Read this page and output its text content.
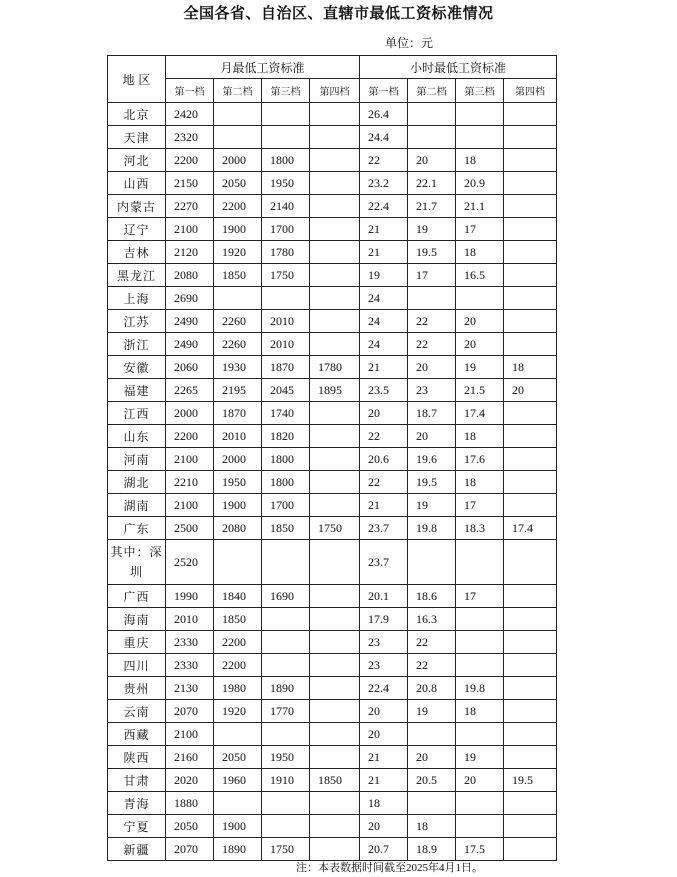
全国各省、自治区、直辖市最低工资标准情况
单位：元
地 区	月最低工资标准				小时最低工资标准			
	第一档	第二档	第三档	第四档	第一档	第二档	第三档	第四档
北京	2420				26.4			
天津	2320				24.4			
河北	2200	2000	1800		22	20	18	
山西	2150	2050	1950		23.2	22.1	20.9	
内蒙古	2270	2200	2140		22.4	21.7	21.1	
辽宁	2100	1900	1700		21	19	17	
吉林	2120	1920	1780		21	19.5	18	
黑龙江	2080	1850	1750		19	17	16.5	
上海	2690				24			
江苏	2490	2260	2010		24	22	20	
浙江	2490	2260	2010		24	22	20	
安徽	2060	1930	1870	1780	21	20	19	18
福建	2265	2195	2045	1895	23.5	23	21.5	20
江西	2000	1870	1740		20	18.7	17.4	
山东	2200	2010	1820		22	20	18	
河南	2100	2000	1800		20.6	19.6	17.6	
湖北	2210	1950	1800		22	19.5	18	
湖南	2100	1900	1700		21	19	17	
广东	2500	2080	1850	1750	23.7	19.8	18.3	17.4
其中：深圳	2520				23.7			
广西	1990	1840	1690		20.1	18.6	17	
海南	2010	1850			17.9	16.3		
重庆	2330	2200			23	22		
四川	2330	2200			23	22		
贵州	2130	1980	1890		22.4	20.8	19.8	
云南	2070	1920	1770		20	19	18	
西藏	2100				20			
陕西	2160	2050	1950		21	20	19	
甘肃	2020	1960	1910	1850	21	20.5	20	19.5
青海	1880				18			
宁夏	2050	1900			20	18		
新疆	2070	1890	1750		20.7	18.9	17.5	
注：本表数据时间截至2025年4月1日。
